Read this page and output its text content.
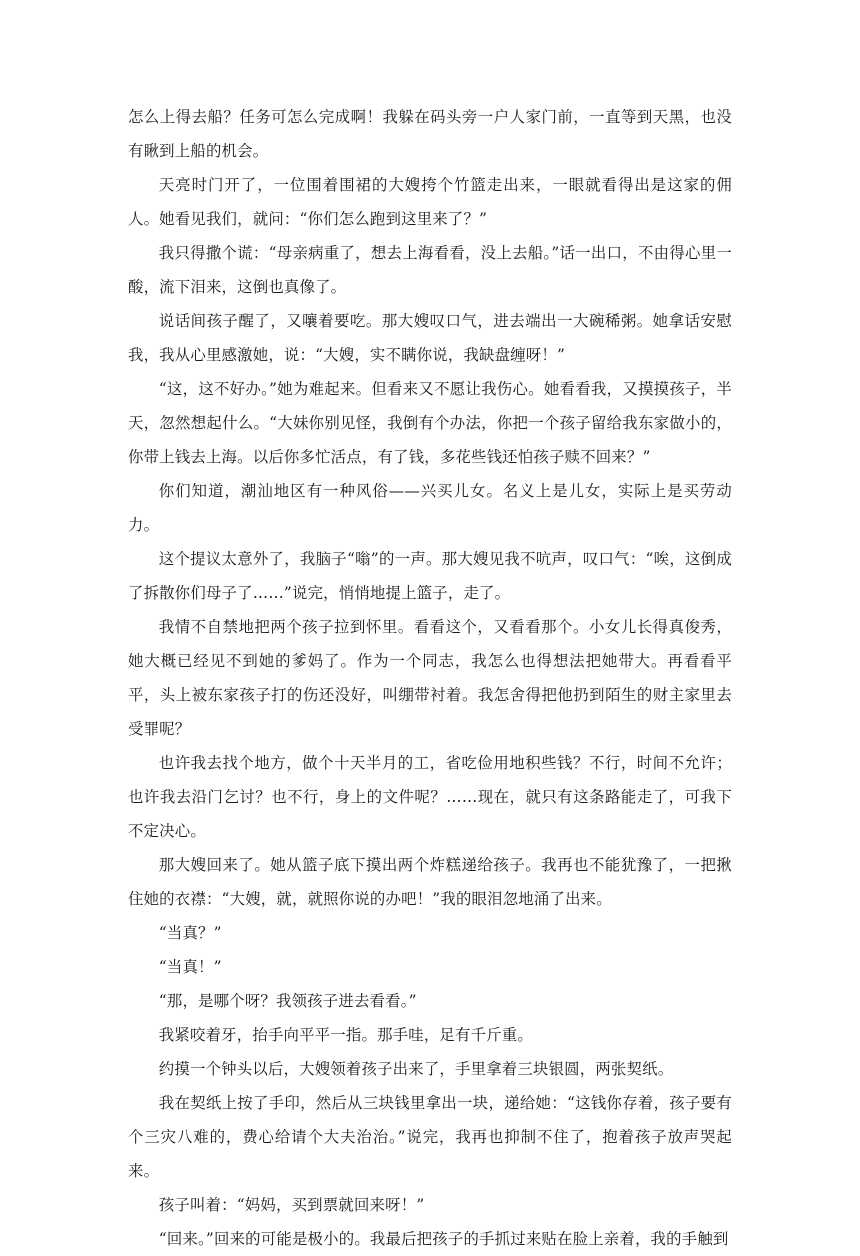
怎么上得去船？任务可怎么完成啊！我躲在码头旁一户人家门前，一直等到天黑，也没有瞅到上船的机会。

天亮时门开了，一位围着围裙的大嫂挎个竹篮走出来，一眼就看得出是这家的佣人。她看见我们，就问：“你们怎么跑到这里来了？”

我只得撒个谎：“母亲病重了，想去上海看看，没上去船。”话一出口，不由得心里一酸，流下泪来，这倒也真像了。

说话间孩子醒了，又嚷着要吃。那大嫂叹口气，进去端出一大碗稀粥。她拿话安慰我，我从心里感激她，说：“大嫂，实不瞒你说，我缺盘缠呀！”

“这，这不好办。”她为难起来。但看来又不愿让我伤心。她看看我，又摸摸孩子，半天，忽然想起什么。“大妹你别见怪，我倒有个办法，你把一个孩子留给我东家做小的，你带上钱去上海。以后你多忙活点，有了钱，多花些钱还怕孩子赎不回来？”

你们知道，潮汕地区有一种风俗——兴买儿女。名义上是儿女，实际上是买劳动力。

这个提议太意外了，我脑子“嗡”的一声。那大嫂见我不吭声，叹口气：“唉，这倒成了拆散你们母子了……”说完，悄悄地提上篮子，走了。

我情不自禁地把两个孩子拉到怀里。看看这个，又看看那个。小女儿长得真俊秀，她大概已经见不到她的爹妈了。作为一个同志，我怎么也得想法把她带大。再看看平平，头上被东家孩子打的伤还没好，叫绷带衬着。我怎舍得把他扔到陌生的财主家里去受罪呢？

也许我去找个地方，做个十天半月的工，省吃俭用地积些钱？不行，时间不允许；也许我去沿门乞讨？也不行，身上的文件呢？……现在，就只有这条路能走了，可我下不定决心。

那大嫂回来了。她从篮子底下摸出两个炸糕递给孩子。我再也不能犹豫了，一把揪住她的衣襟：“大嫂，就，就照你说的办吧！”我的眼泪忽地涌了出来。

“当真？”

“当真！”

“那，是哪个呀？我领孩子进去看看。”

我紧咬着牙，抬手向平平一指。那手哇，足有千斤重。

约摸一个钟头以后，大嫂领着孩子出来了，手里拿着三块银圆，两张契纸。

我在契纸上按了手印，然后从三块钱里拿出一块，递给她：“这钱你存着，孩子要有个三灾八难的，费心给请个大夫治治。”说完，我再也抑制不住了，抱着孩子放声哭起来。

孩子叫着：“妈妈，买到票就回来呀！”

“回来。”回来的可能是极小的。我最后把孩子的手抓过来贴在脸上亲着，我的手触到
